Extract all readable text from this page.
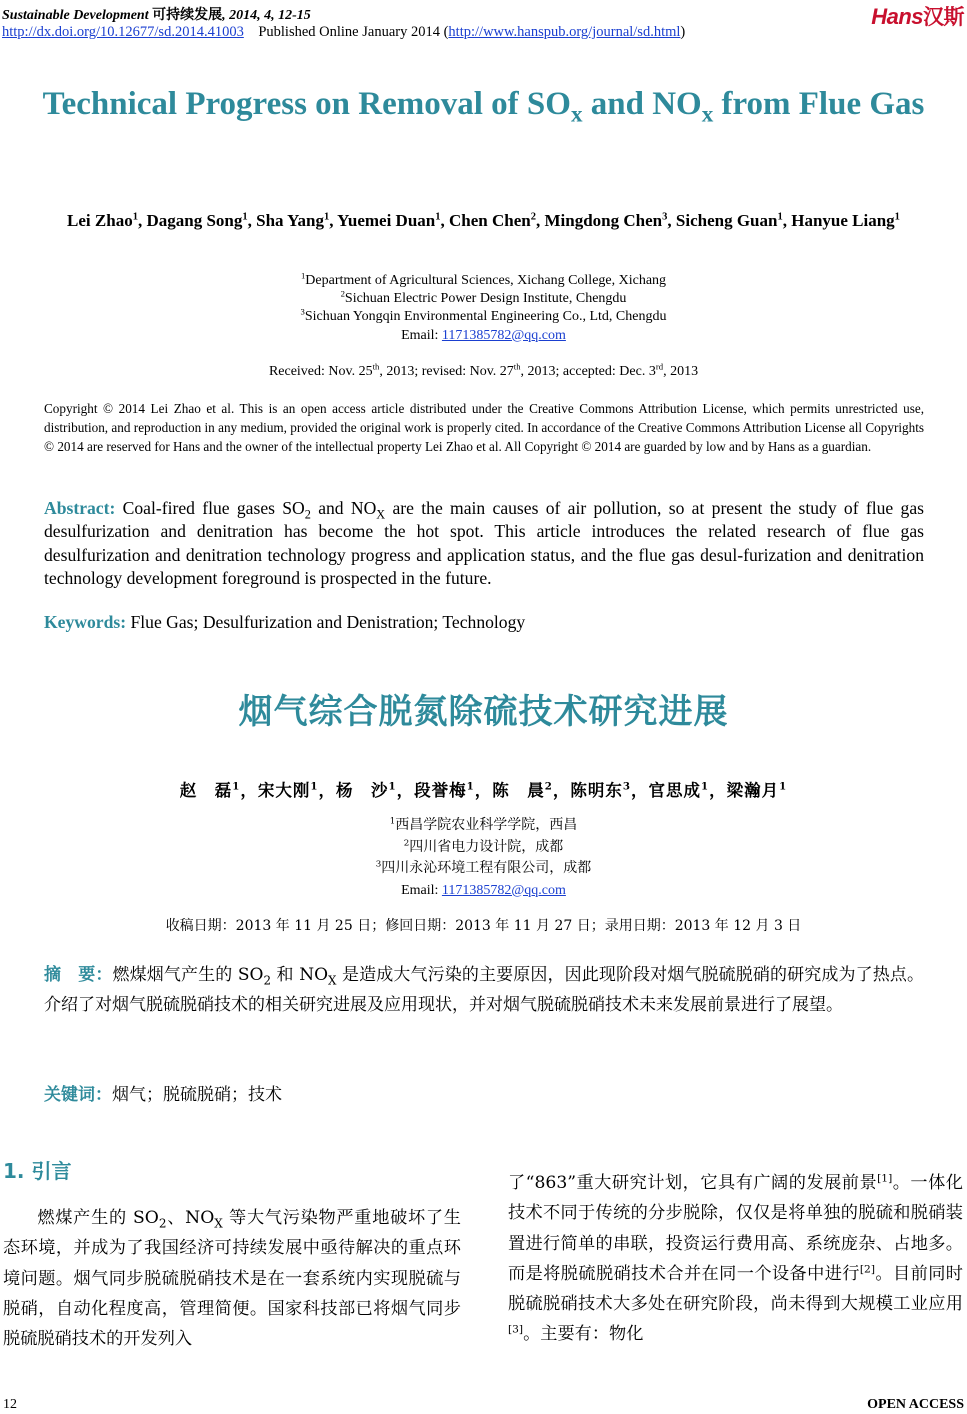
Sustainable Development 可持续发展, 2014, 4, 12-15
http://dx.doi.org/10.12677/sd.2014.41003 Published Online January 2014 (http://www.hanspub.org/journal/sd.html)
Hans汉斯
Technical Progress on Removal of $SO_x$ and $NO_x$ from Flue Gas
Lei Zhao$^1$, Dagang Song$^1$, Sha Yang$^1$, Yuemei Duan$^1$, Chen Chen$^2$, Mingdong Chen$^3$, Sicheng Guan$^1$, Hanyue Liang$^1$
$^1$Department of Agricultural Sciences, Xichang College, Xichang
$^2$Sichuan Electric Power Design Institute, Chengdu
$^3$Sichuan Yongqin Environmental Engineering Co., Ltd, Chengdu
Email: 1171385782@qq.com
Received: Nov. 25th, 2013; revised: Nov. 27th, 2013; accepted: Dec. 3rd, 2013
Copyright © 2014 Lei Zhao et al. This is an open access article distributed under the Creative Commons Attribution License, which permits unrestricted use, distribution, and reproduction in any medium, provided the original work is properly cited. In accordance of the Creative Commons Attribution License all Copyrights © 2014 are reserved for Hans and the owner of the intellectual property Lei Zhao et al. All Copyright © 2014 are guarded by low and by Hans as a guardian.
Abstract: Coal-fired flue gases $SO_2$ and $NO_X$ are the main causes of air pollution, so at present the study of flue gas desulfurization and denitration has become the hot spot. This article introduces the related research of flue gas desulfurization and denitration technology progress and application status, and the flue gas desul-furization and denitration technology development foreground is prospected in the future.
Keywords: Flue Gas; Desulfurization and Denistration; Technology
烟气综合脱氮除硫技术研究进展
赵　磊$^1$，宋大刚$^1$，杨　沙$^1$，段誉梅$^1$，陈　晨$^2$，陈明东$^3$，官思成$^1$，梁瀚月$^1$
$^1$西昌学院农业科学学院，西昌
$^2$四川省电力设计院，成都
$^3$四川永沁环境工程有限公司，成都
Email: 1171385782@qq.com
收稿日期：2013 年 11 月 25 日；修回日期：2013 年 11 月 27 日；录用日期：2013 年 12 月 3 日
摘　要：燃煤烟气产生的 $SO_2$ 和 $NO_X$ 是造成大气污染的主要原因，因此现阶段对烟气脱硫脱硝的研究成为了热点。介绍了对烟气脱硫脱硝技术的相关研究进展及应用现状，并对烟气脱硫脱硝技术未来发展前景进行了展望。
关键词：烟气；脱硫脱硝；技术
1. 引言
燃煤产生的 $SO_2$、$NO_X$ 等大气污染物严重地破坏了生态环境，并成为了我国经济可持续发展中亟待解决的重点环境问题。烟气同步脱硫脱硝技术是在一套系统内实现脱硫与脱硝，自动化程度高，管理简便。国家科技部已将烟气同步脱硫脱硝技术的开发列入
了“863”重大研究计划，它具有广阔的发展前景[1]。一体化技术不同于传统的分步脱除，仅仅是将单独的脱硫和脱硝装置进行简单的串联，投资运行费用高、系统庞杂、占地多。而是将脱硫脱硝技术合并在同一个设备中进行[2]。目前同时脱硫脱硝技术大多处在研究阶段，尚未得到大规模工业应用[3]。主要有：物化
12	OPEN ACCESS
